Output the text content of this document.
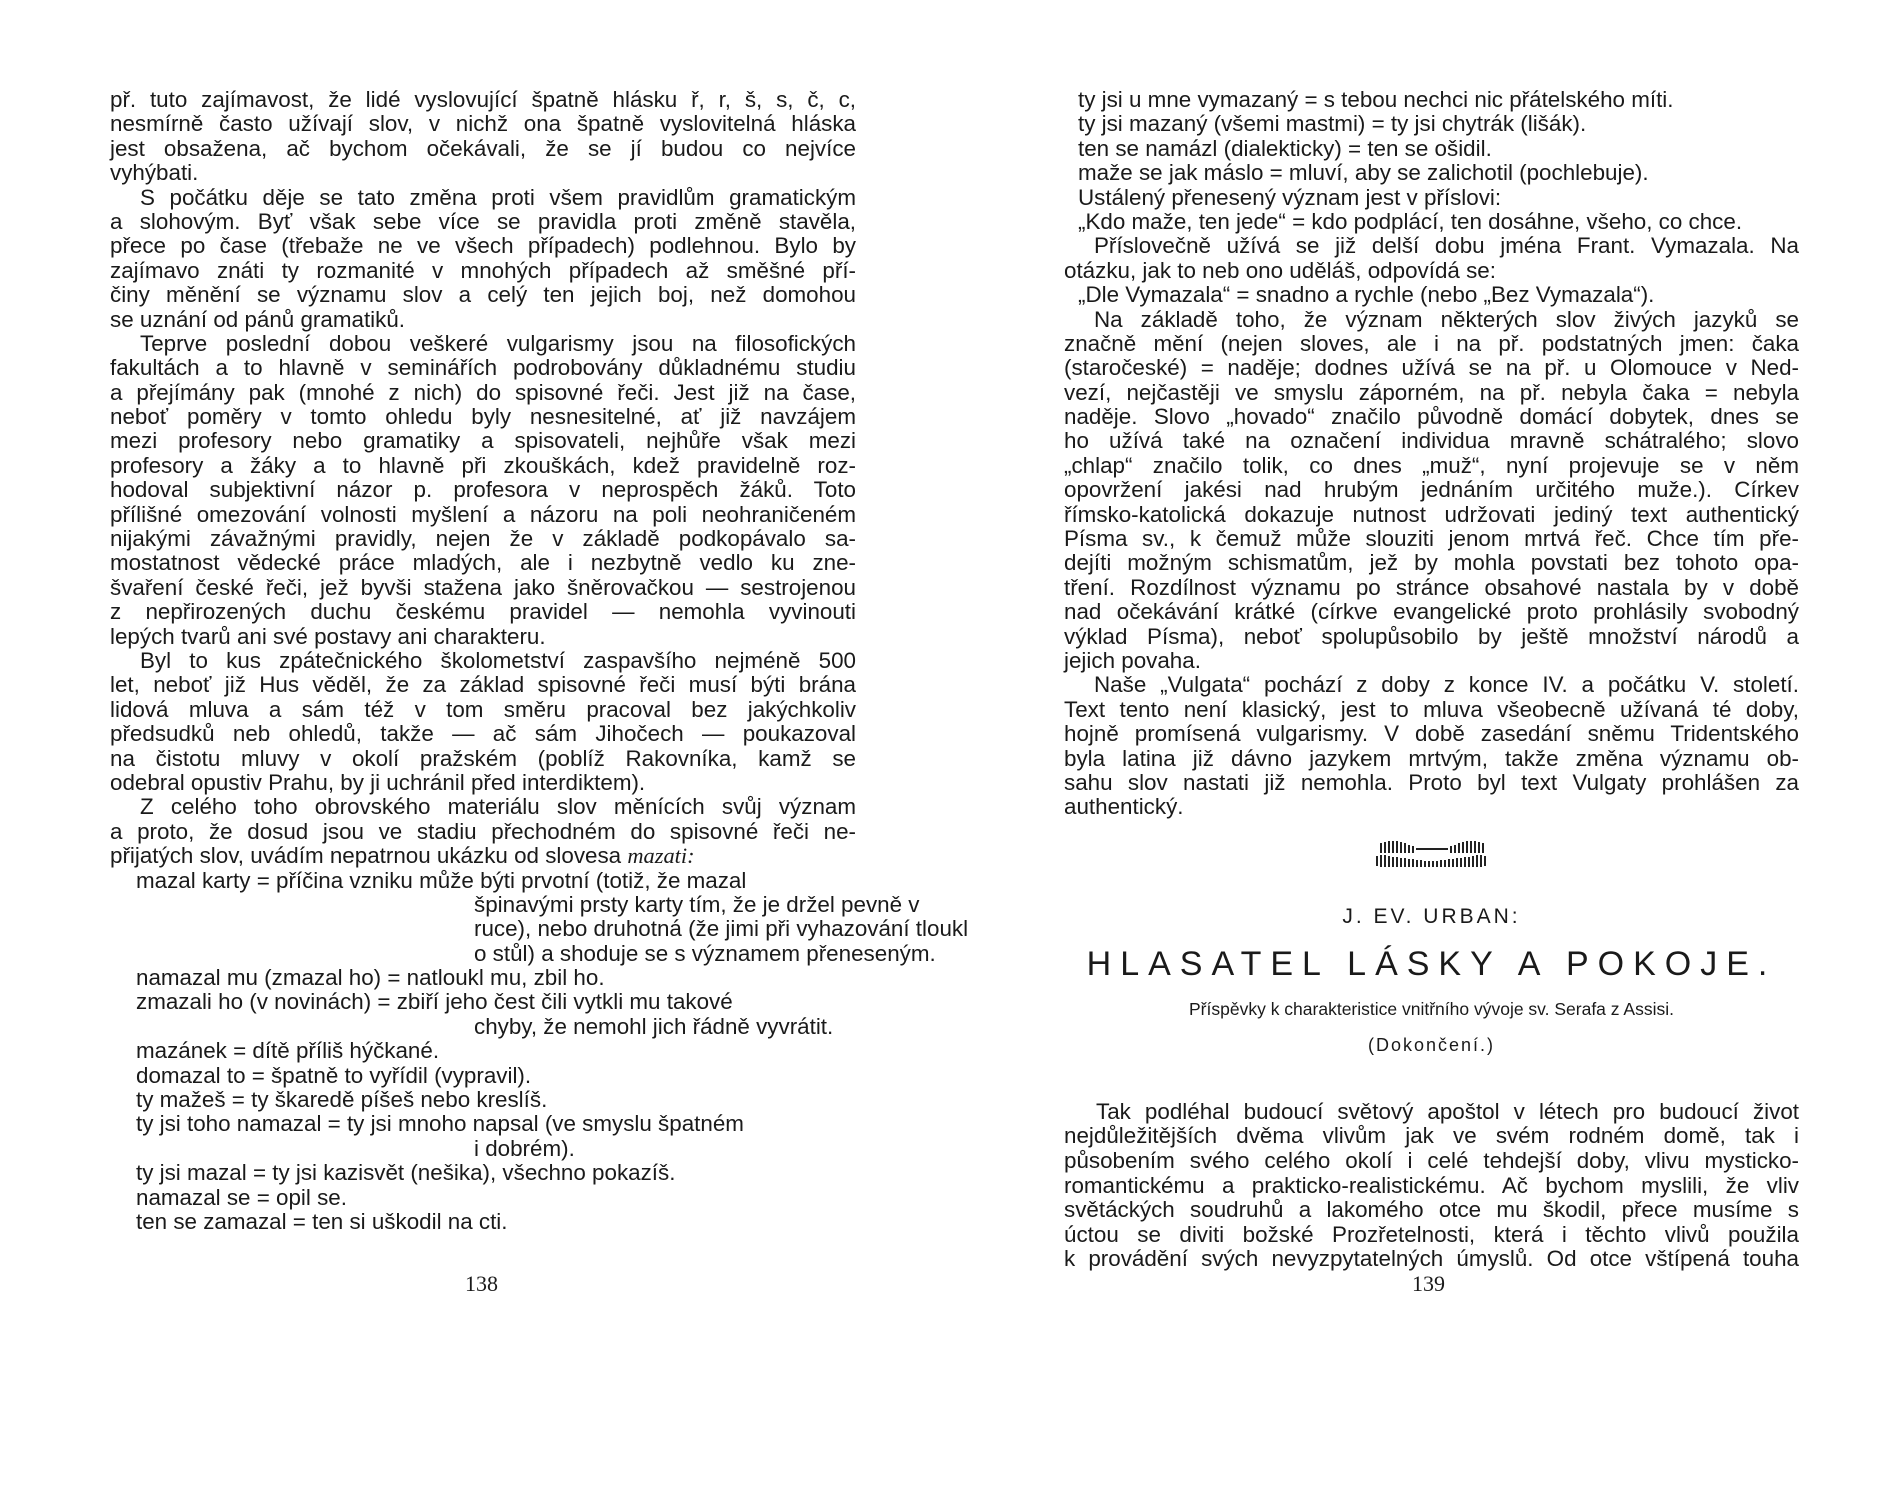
př. tuto zajímavost, že lidé vyslovující špatně hlásku ř, r, š, s, č, c,
nesmírně často užívají slov, v nichž ona špatně vyslovitelná hláska
jest obsažena, ač bychom očekávali, že se jí budou co nejvíce
vyhýbati.
S počátku děje se tato změna proti všem pravidlům gramatickým
a slohovým. Byť však sebe více se pravidla proti změně stavěla,
přece po čase (třebaže ne ve všech případech) podlehnou. Bylo by
zajímavo znáti ty rozmanité v mnohých případech až směšné pří-
činy měnění se významu slov a celý ten jejich boj, než domohou
se uznání od pánů gramatiků.
Teprve poslední dobou veškeré vulgarismy jsou na filosofických
fakultách a to hlavně v seminářích podrobovány důkladnému studiu
a přejímány pak (mnohé z nich) do spisovné řeči. Jest již na čase,
neboť poměry v tomto ohledu byly nesnesitelné, ať již navzájem
mezi profesory nebo gramatiky a spisovateli, nejhůře však mezi
profesory a žáky a to hlavně při zkouškách, kdež pravidelně roz-
hodoval subjektivní názor p. profesora v neprospěch žáků. Toto
přílišné omezování volnosti myšlení a názoru na poli neohraničeném
nijakými závažnými pravidly, nejen že v základě podkopávalo sa-
mostatnost vědecké práce mladých, ale i nezbytně vedlo ku zne-
švaření české řeči, jež byvši stažena jako šněrovačkou — sestrojenou
z nepřirozených duchu českému pravidel — nemohla vyvinouti
lepých tvarů ani své postavy ani charakteru.
Byl to kus zpátečnického školometství zaspavšího nejméně 500
let, neboť již Hus věděl, že za základ spisovné řeči musí býti brána
lidová mluva a sám též v tom směru pracoval bez jakýchkoliv
předsudků neb ohledů, takže — ač sám Jihočech — poukazoval
na čistotu mluvy v okolí pražském (poblíž Rakovníka, kamž se
odebral opustiv Prahu, by ji uchránil před interdiktem).
Z celého toho obrovského materiálu slov měnících svůj význam
a proto, že dosud jsou ve stadiu přechodném do spisovné řeči ne-
přijatých slov, uvádím nepatrnou ukázku od slovesa mazati:
mazal karty = příčina vzniku může býti prvotní (totiž, že mazal
špinavými prsty karty tím, že je držel pevně v
ruce), nebo druhotná (že jimi při vyhazování tloukl
o stůl) a shoduje se s významem přeneseným.
namazal mu (zmazal ho) = natloukl mu, zbil ho.
zmazali ho (v novinách) = zbiří jeho čest čili vytkli mu takové
chyby, že nemohl jich řádně vyvrátit.
mazánek = dítě příliš hýčkané.
domazal to = špatně to vyřídil (vypravil).
ty mažeš = ty škaredě píšeš nebo kreslíš.
ty jsi toho namazal = ty jsi mnoho napsal (ve smyslu špatném
i dobrém).
ty jsi mazal = ty jsi kazisvět (nešika), všechno pokazíš.
namazal se = opil se.
ten se zamazal = ten si uškodil na cti.
138
ty jsi u mne vymazaný = s tebou nechci nic přátelského míti.
ty jsi mazaný (všemi mastmi) = ty jsi chytrák (lišák).
ten se namázl (dialekticky) = ten se ošidil.
maže se jak máslo = mluví, aby se zalichotil (pochlebuje).
Ustálený přenesený význam jest v příslovi:
„Kdo maže, ten jede“ = kdo podplácí, ten dosáhne, všeho, co chce.
Příslovečně užívá se již delší dobu jména Frant. Vymazala. Na
otázku, jak to neb ono uděláš, odpovídá se:
„Dle Vymazala“ = snadno a rychle (nebo „Bez Vymazala“).
Na základě toho, že význam některých slov živých jazyků se
značně mění (nejen sloves, ale i na př. podstatných jmen: čaka
(staročeské) = naděje; dodnes užívá se na př. u Olomouce v Ned-
vezí, nejčastěji ve smyslu záporném, na př. nebyla čaka = nebyla
naděje. Slovo „hovado“ značilo původně domácí dobytek, dnes se
ho užívá také na označení individua mravně schátralého; slovo
„chlap“ značilo tolik, co dnes „muž“, nyní projevuje se v něm
opovržení jakési nad hrubým jednáním určitého muže.). Církev
římsko-katolická dokazuje nutnost udržovati jediný text authentický
Písma sv., k čemuž může slouziti jenom mrtvá řeč. Chce tím pře-
dejíti možným schismatům, jež by mohla povstati bez tohoto opa-
tření. Rozdílnost významu po stránce obsahové nastala by v době
nad očekávání krátké (církve evangelické proto prohlásily svobodný
výklad Písma), neboť spolupůsobilo by ještě množství národů a
jejich povaha.
Naše „Vulgata“ pochází z doby z konce IV. a počátku V. století.
Text tento není klasický, jest to mluva všeobecně užívaná té doby,
hojně promísená vulgarismy. V době zasedání sněmu Tridentského
byla latina již dávno jazykem mrtvým, takže změna významu ob-
sahu slov nastati již nemohla. Proto byl text Vulgaty prohlášen za
authentický.
J. EV. URBAN:
HLASATEL LÁSKY A POKOJE.
Příspěvky k charakteristice vnitřního vývoje sv. Serafa z Assisi.
(Dokončení.)
Tak podléhal budoucí světový apoštol v létech pro budoucí život
nejdůležitějších dvěma vlivům jak ve svém rodném domě, tak i
působením svého celého okolí i celé tehdejší doby, vlivu mysticko-
romantickému a prakticko-realistickému. Ač bychom myslili, že vliv
světáckých soudruhů a lakomého otce mu škodil, přece musíme s
úctou se diviti božské Prozřetelnosti, která i těchto vlivů použila
k provádění svých nevyzpytatelných úmyslů. Od otce vštípená touha
139
